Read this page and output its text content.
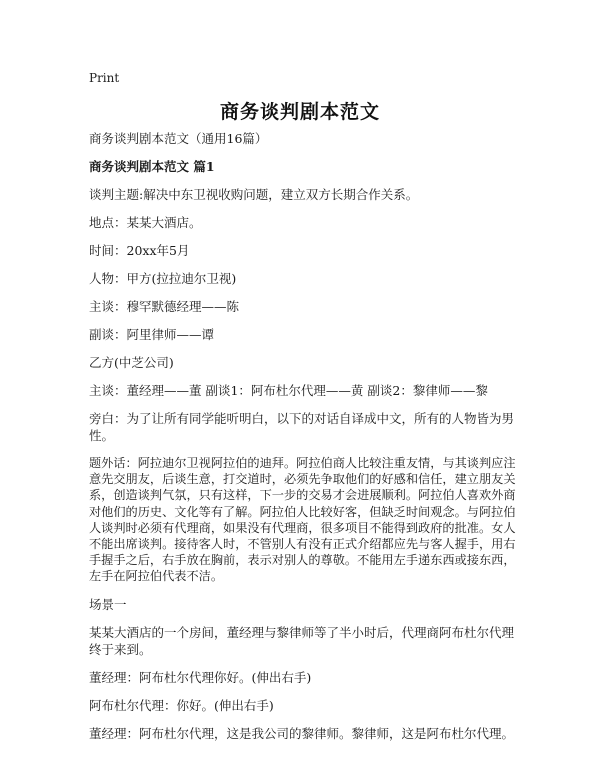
Print
商务谈判剧本范文

商务谈判剧本范文（通用16篇）

商务谈判剧本范文 篇1

谈判主题:解决中东卫视收购问题，建立双方长期合作关系。

地点：某某大酒店。

时间：20xx年5月

人物：甲方(拉拉迪尔卫视)

主谈：穆罕默德经理——陈

副谈：阿里律师——谭

乙方(中芝公司)

主谈：董经理——董 副谈1：阿布杜尔代理——黄 副谈2：黎律师——黎

旁白：为了让所有同学能听明白，以下的对话自译成中文，所有的人物皆为男性。

题外话：阿拉迪尔卫视阿拉伯的迪拜。阿拉伯商人比较注重友情，与其谈判应注意先交朋友，后谈生意，打交道时，必须先争取他们的好感和信任，建立朋友关系，创造谈判气氛，只有这样，下一步的交易才会进展顺利。阿拉伯人喜欢外商对他们的历史、文化等有了解。阿拉伯人比较好客，但缺乏时间观念。与阿拉伯人谈判时必须有代理商，如果没有代理商，很多项目不能得到政府的批准。女人不能出席谈判。接待客人时，不管别人有没有正式介绍都应先与客人握手，用右手握手之后，右手放在胸前，表示对别人的尊敬。不能用左手递东西或接东西，左手在阿拉伯代表不洁。

场景一

某某大酒店的一个房间，董经理与黎律师等了半小时后，代理商阿布杜尔代理终于来到。

董经理：阿布杜尔代理你好。(伸出右手)

阿布杜尔代理：你好。(伸出右手)

董经理：阿布杜尔代理，这是我公司的黎律师。黎律师，这是阿布杜尔代理。
